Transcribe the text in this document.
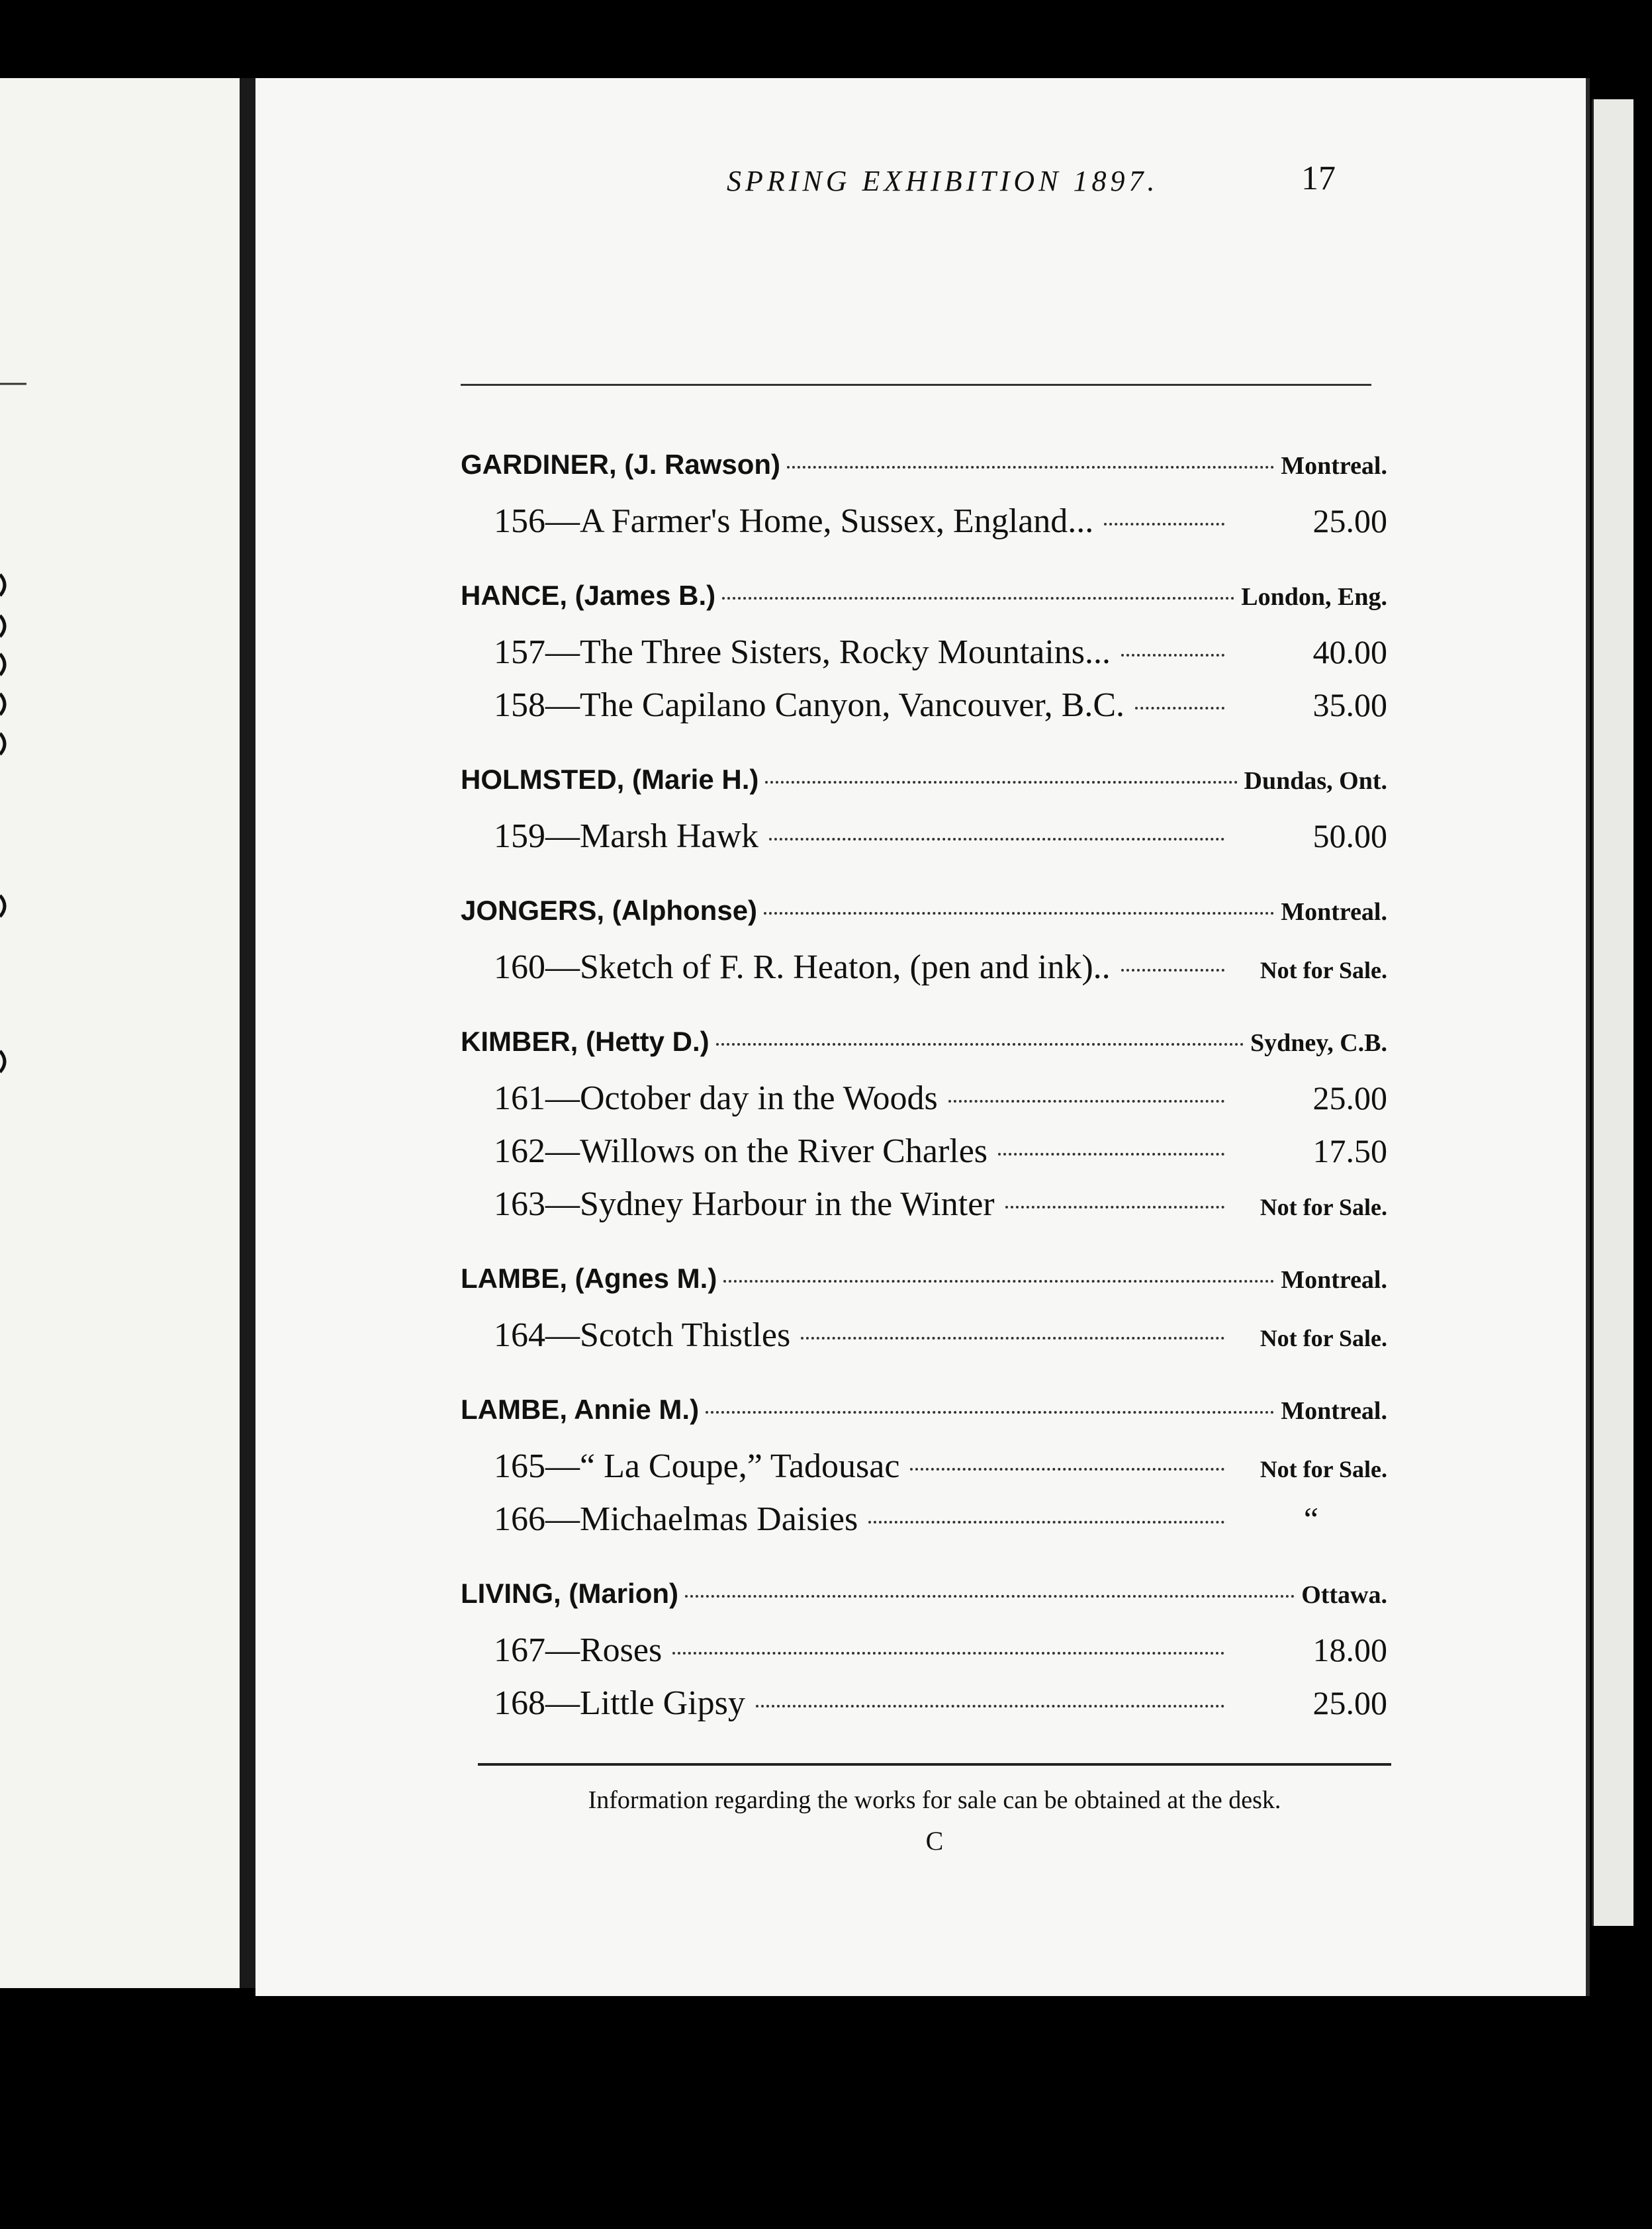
SPRING EXHIBITION 1897.	17
GARDINER, (J. Rawson)	Montreal.
156—A Farmer's Home, Sussex, England...	25.00
HANCE, (James B.)	London, Eng.
157—The Three Sisters, Rocky Mountains...	40.00
158—The Capilano Canyon, Vancouver, B.C.	35.00
HOLMSTED, (Marie H.)	Dundas, Ont.
159—Marsh Hawk	50.00
JONGERS, (Alphonse)	Montreal.
160—Sketch of F. R. Heaton, (pen and ink)..	Not for Sale.
KIMBER, (Hetty D.)	Sydney, C.B.
161—October day in the Woods	25.00
162—Willows on the River Charles	17.50
163—Sydney Harbour in the Winter	Not for Sale.
LAMBE, (Agnes M.)	Montreal.
164—Scotch Thistles	Not for Sale.
LAMBE, Annie M.)	Montreal.
165—“ La Coupe,” Tadousac	Not for Sale.
166—Michaelmas Daisies	“
LIVING, (Marion)	Ottawa.
167—Roses	18.00
168—Little Gipsy	25.00
Information regarding the works for sale can be obtained at the desk.
C
